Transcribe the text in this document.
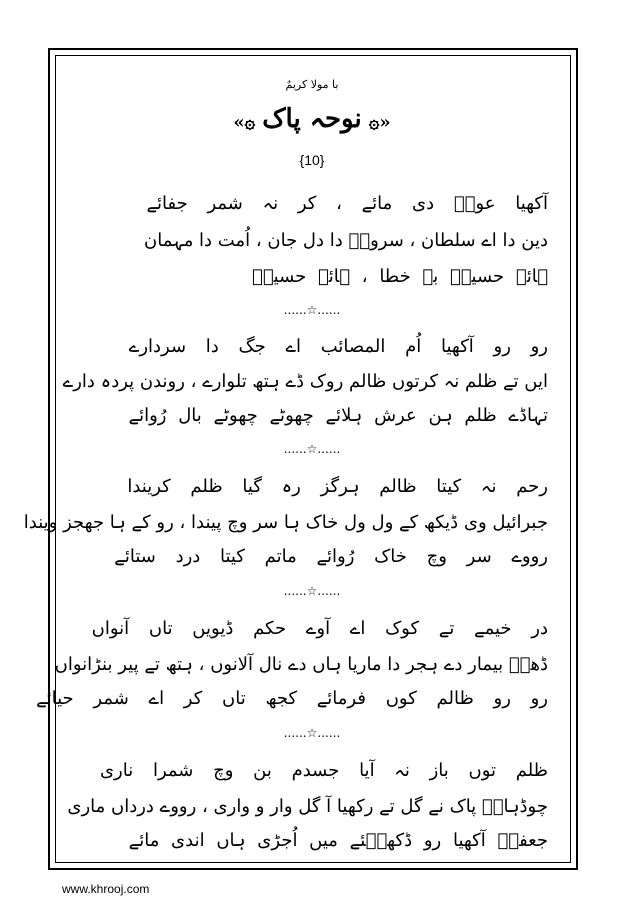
با مولا کریمٌ
«۞ نوحہ پاک ۞»
{10}
آکھیا عونؑ دی مائے ، کر نہ شمر جفائے
دین دا اے سلطان ، سرورؑ دا دل جان ، اُمت دا مہمان
ہائے حسینؑ بے خطا ، ہائے حسینؑ
......☆......
رو رو آکھیا اُم المصائب اے جگ دا سردارے
ایں تے ظلم نہ کرتوں ظالم روک ڈے ہتھ تلوارے ، روندن پردہ دارے
تہاڈے ظلم ہن عرش ہلائے چھوٹے چھوٹے بال رُوائے
......☆......
رحم نہ کیتا ظالم ہرگز رہ گیا ظلم کریندا
جبرائیل وی ڈیکھ کے ول ول خاک ہا سر وچ پیندا ، رو کے ہا جھجز ویندا
رووے سر وچ خاک رُوائے ماتم کیتا درد ستائے
......☆......
در خیمے تے کوک اے آوے حکم ڈیویں تاں آنواں
ڈھیؑ بیمار دے ہجر دا ماریا ہاں دے نال آلانوں ، ہتھ تے پیر بنڑانواں
رو رو ظالم کوں فرمائے کجھ تاں کر اے شمر حیائے
......☆......
ظلم توں باز نہ آیا جسدم بن وچ شمرا ناری
چوڈہاںؑ پاک نے گل تے رکھیا آ گل وار و واری ، رووے درداں ماری
جعفرؑ آکھیا رو ڈکھیؑئے میں اُجڑی ہاں اندی مائے
www.khrooj.com
